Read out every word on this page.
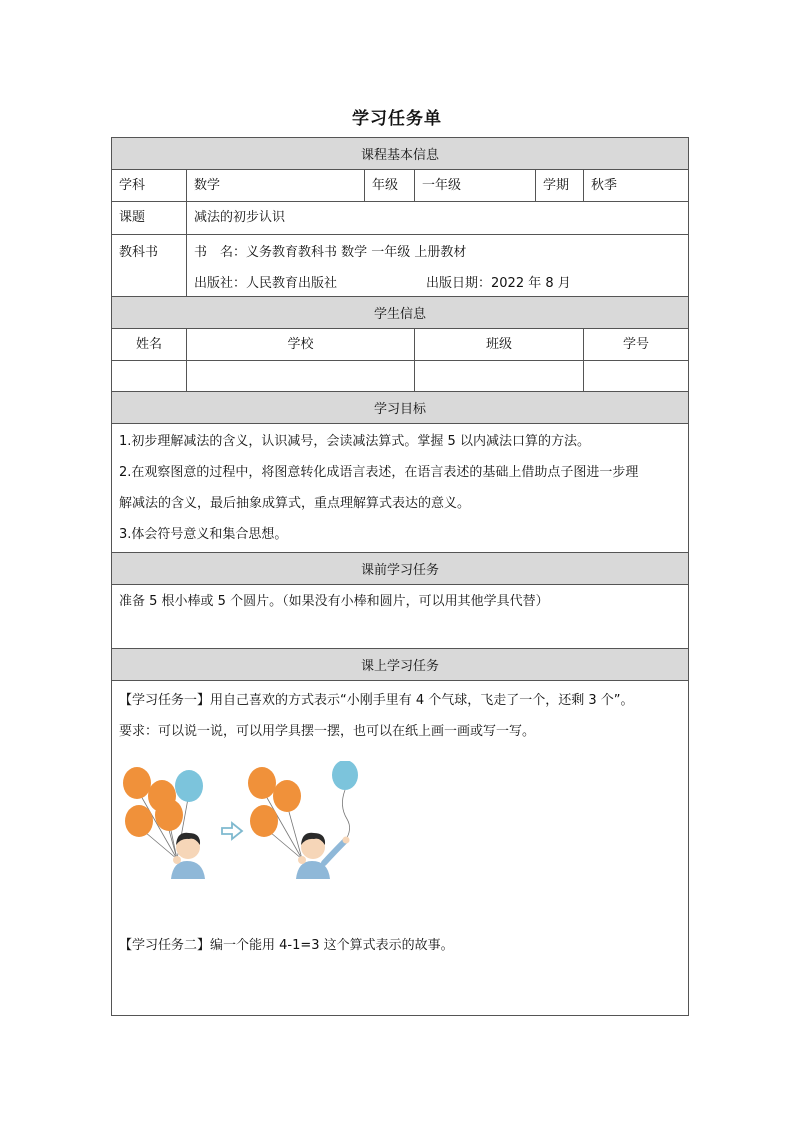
学习任务单
课程基本信息					
学科	数学	年级	一年级	学期	秋季
课题	减法的初步认识				
教科书	书　名：义务教育教科书 数学 一年级 上册教材
出版社：人民教育出版社 出版日期：2022 年 8 月				

学生信息					
姓名	学校		班级		学号

学习目标					

1.初步理解减法的含义，认识减号，会读减法算式。掌握 5 以内减法口算的方法。
2.在观察图意的过程中，将图意转化成语言表述，在语言表述的基础上借助点子图进一步理
解减法的含义，最后抽象成算式，重点理解算式表达的意义。
3.体会符号意义和集合思想。					

课前学习任务					

准备 5 根小棒或 5 个圆片。（如果没有小棒和圆片，可以用其他学具代替）					

课上学习任务					

【学习任务一】用自己喜欢的方式表示“小刚手里有 4 个气球，飞走了一个，还剩 3 个”。
要求：可以说一说，可以用学具摆一摆，也可以在纸上画一画或写一写。
【学习任务二】编一个能用 4-1=3 这个算式表示的故事。					
